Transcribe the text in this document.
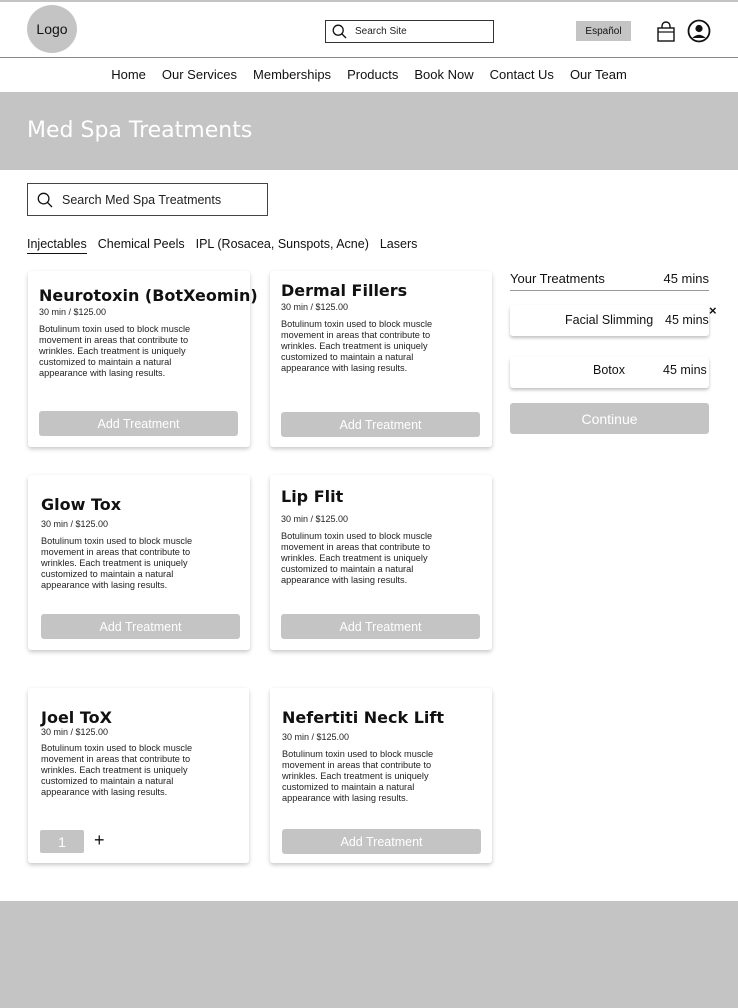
Logo	Search Site	Español
Home	Our Services	Memberships	Products	Book Now	Contact Us	Our Team
Med Spa Treatments
Search Med Spa Treatments
Injectables Chemical Peels IPL (Rosacea, Sunspots, Acne) Lasers
Neurotoxin (BotXeomin)
30 min / $125.00
Botulinum toxin used to block muscle movement in areas that contribute to wrinkles. Each treatment is uniquely customized to maintain a natural appearance with lasing results.
Add Treatment
Dermal Fillers
30 min / $125.00
Botulinum toxin used to block muscle movement in areas that contribute to wrinkles. Each treatment is uniquely customized to maintain a natural appearance with lasing results.
Add Treatment
Glow Tox
30 min / $125.00
Botulinum toxin used to block muscle movement in areas that contribute to wrinkles. Each treatment is uniquely customized to maintain a natural appearance with lasing results.
Add Treatment
Lip Flit
30 min / $125.00
Botulinum toxin used to block muscle movement in areas that contribute to wrinkles. Each treatment is uniquely customized to maintain a natural appearance with lasing results.
Add Treatment
Joel ToX
30 min / $125.00
Botulinum toxin used to block muscle movement in areas that contribute to wrinkles. Each treatment is uniquely customized to maintain a natural appearance with lasing results.
1	+
Nefertiti Neck Lift
30 min / $125.00
Botulinum toxin used to block muscle movement in areas that contribute to wrinkles. Each treatment is uniquely customized to maintain a natural appearance with lasing results.
Add Treatment
Your Treatments	45 mins
Facial Slimming 45 mins
×
Botox	45 mins
Continue
